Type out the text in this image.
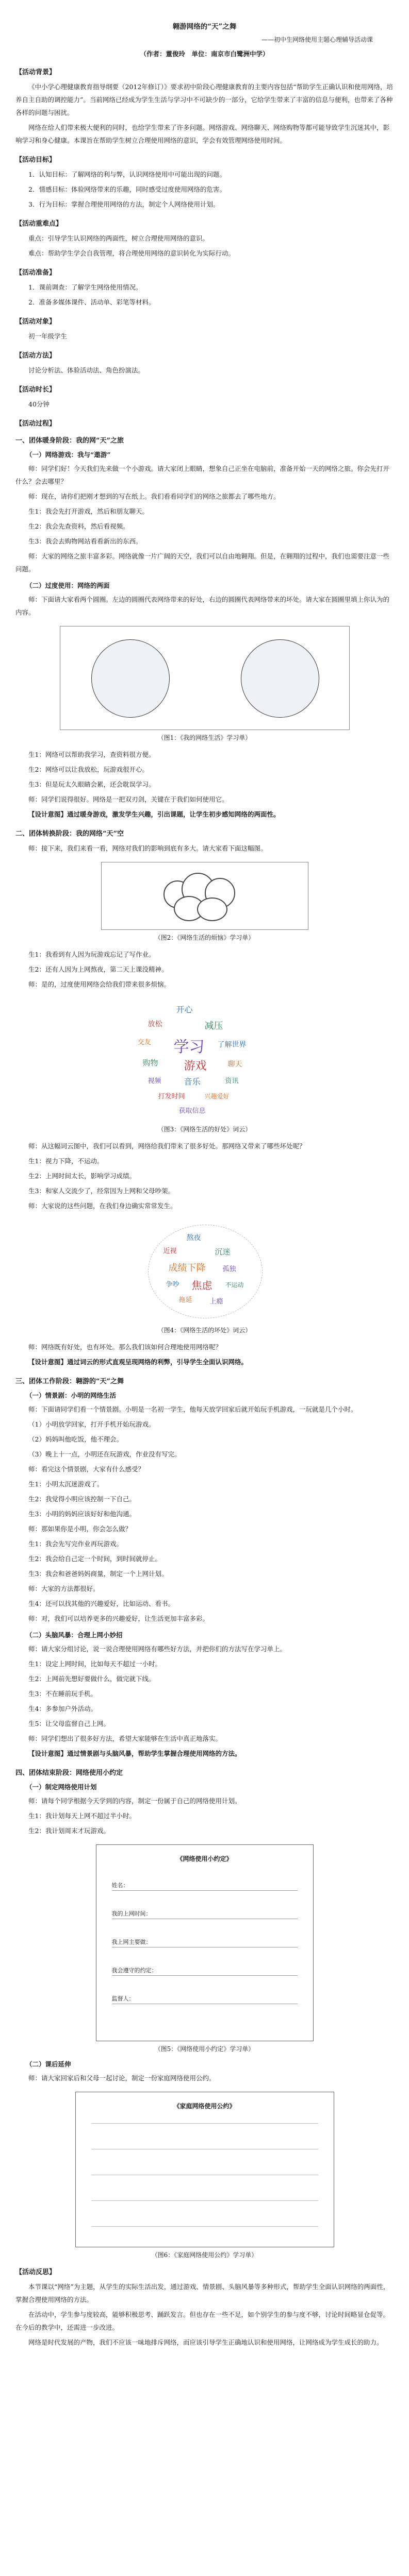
翱游网络的“天”之舞
——初中生网络使用主题心理辅导活动课
（作者：董俊玲　单位：南京市白鹭洲中学）
【活动背景】

《中小学心理健康教育指导纲要（2012年修订）》要求初中阶段心理健康教育的主要内容包括“帮助学生正确认识和使用网络，培养自主自助的调控能力”。当前网络已经成为学生生活与学习中不可缺少的一部分，它给学生带来了丰富的信息与便利，也带来了各种各样的问题与困扰。

网络在给人们带来极大便利的同时，也给学生带来了许多问题。网络游戏、网络聊天、网络购物等都可能导致学生沉迷其中，影响学习和身心健康。本课旨在帮助学生树立合理使用网络的意识，学会有效管理网络使用时间。

【活动目标】

1．认知目标：了解网络的利与弊，认识网络使用中可能出现的问题。

2．情感目标：体验网络带来的乐趣，同时感受过度使用网络的危害。

3．行为目标：掌握合理使用网络的方法，制定个人网络使用计划。

【活动重难点】

重点：引导学生认识网络的两面性，树立合理使用网络的意识。

难点：帮助学生学会自我管理，将合理使用网络的意识转化为实际行动。

【活动准备】

1．课前调查：了解学生网络使用情况。

2．准备多媒体课件、活动单、彩笔等材料。

【活动对象】

初一年级学生

【活动方法】

讨论分析法、体验活动法、角色扮演法。

【活动时长】

40分钟

【活动过程】
一、团体暖身阶段：我的网“天”之旅
（一）网络游戏：我与“遨游”

师：同学们好！今天我们先来做一个小游戏。请大家闭上眼睛，想象自己正坐在电脑前，准备开始一天的网络之旅。你会先打开什么？会去哪里？

师：现在，请你们把刚才想到的写在纸上。我们看看同学们的网络之旅都去了哪些地方。

生1：我会先打开游戏，然后和朋友聊天。

生2：我会先查资料，然后看视频。

生3：我会去购物网站看看新出的东西。

师：大家的网络之旅丰富多彩。网络就像一片广阔的天空，我们可以自由地翱翔。但是，在翱翔的过程中，我们也需要注意一些问题。

（二）过度使用：网络的两面

师：下面请大家看两个圆圈。左边的圆圈代表网络带来的好处，右边的圆圈代表网络带来的坏处。请大家在圆圈里填上你认为的内容。

（图1：《我的网络生活》学习单）

生1：网络可以帮助我学习，查资料很方便。

生2：网络可以让我放松，玩游戏很开心。

生3：但是玩太久眼睛会累，还会耽误学习。

师：同学们说得很好。网络是一把双刃剑，关键在于我们如何使用它。

【设计意图】通过暖身游戏，激发学生兴趣，引出课题，让学生初步感知网络的两面性。

二、团体转换阶段：我的网络“天”空

师：接下来，我们来看一看，网络对我们的影响到底有多大。请大家看下面这幅图。

（图2：《网络生活的烦恼》学习单）

生1：我看到有人因为玩游戏忘记了写作业。

生2：还有人因为上网熬夜，第二天上课没精神。

师：是的，过度使用网络会给我们带来很多烦恼。

开心
放松	减压
交友 学习 了解世界
购物 游戏	聊天
视频	音乐	资讯
打发时间	兴趣爱好
获取信息
（图3：《网络生活的好处》词云）

师：从这幅词云图中，我们可以看到，网络给我们带来了很多好处。那网络又带来了哪些坏处呢？

生1：视力下降，不运动。

生2：上网时间太长，影响学习成绩。

生3：和家人交流少了，经常因为上网和父母吵架。

师：大家说的这些问题，在我们身边确实常常发生。

熬夜
近视	沉迷
成绩下降	孤独
争吵 焦虑 不运动
拖延	上瘾
（图4：《网络生活的坏处》词云）

师：网络既有好处，也有坏处。那么我们该如何合理地使用网络呢？

【设计意图】通过词云的形式直观呈现网络的利弊，引导学生全面认识网络。

三、团体工作阶段：翱游的“天”之舞
（一）情景剧：小明的网络生活

师：下面请同学们看一个情景剧。小明是一名初一学生，他每天放学回家后就开始玩手机游戏，一玩就是几个小时。

（1）小明放学回家，打开手机开始玩游戏。

（2）妈妈叫他吃饭，他不理会。

（3）晚上十一点，小明还在玩游戏，作业没有写完。

师：看完这个情景剧，大家有什么感受？

生1：小明太沉迷游戏了。

生2：我觉得小明应该控制一下自己。

生3：小明的妈妈应该好好和他沟通。

师：那如果你是小明，你会怎么做？

生1：我会先写完作业再玩游戏。

生2：我会给自己定一个时间，到时间就停止。

生3：我会和爸爸妈妈商量，制定一个上网计划。

师：大家的方法都很好。

生4：还可以找其他的兴趣爱好，比如运动、看书。

师：对，我们可以培养更多的兴趣爱好，让生活更加丰富多彩。

（二）头脑风暴：合理上网小妙招

师：请大家分组讨论，说一说合理使用网络有哪些好方法，并把你们的方法写在学习单上。

生1：设定上网时间，比如每天不超过一小时。

生2：上网前先想好要做什么，做完就下线。

生3：不在睡前玩手机。

生4：多参加户外活动。

生5：让父母监督自己上网。

师：同学们想出了很多好方法，希望大家能够在生活中真正地落实。

【设计意图】通过情景剧与头脑风暴，帮助学生掌握合理使用网络的方法。

四、团体结束阶段：网络使用小约定
（一）制定网络使用计划

师：请每个同学根据今天学到的内容，制定一份属于自己的网络使用计划。

生1：我计划每天上网不超过半小时。

生2：我计划周末才玩游戏。

《网络使用小约定》
姓名：
我的上网时间：
我上网主要做：
我会遵守的约定：
监督人：
（图5：《网络使用小约定》学习单）
（二）课后延伸

师：请大家回家后和父母一起讨论，制定一份家庭网络使用公约。

《家庭网络使用公约》
（图6：《家庭网络使用公约》学习单）
【活动反思】

本节课以“网络”为主题，从学生的实际生活出发，通过游戏、情景剧、头脑风暴等多种形式，帮助学生全面认识网络的两面性，掌握合理使用网络的方法。

在活动中，学生参与度较高，能够积极思考、踊跃发言。但也存在一些不足，如个别学生的参与度不够，讨论时间略显仓促等。在今后的教学中，还需进一步改进。

网络是时代发展的产物，我们不应该一味地排斥网络，而应该引导学生正确地认识和使用网络，让网络成为学生成长的助力。
